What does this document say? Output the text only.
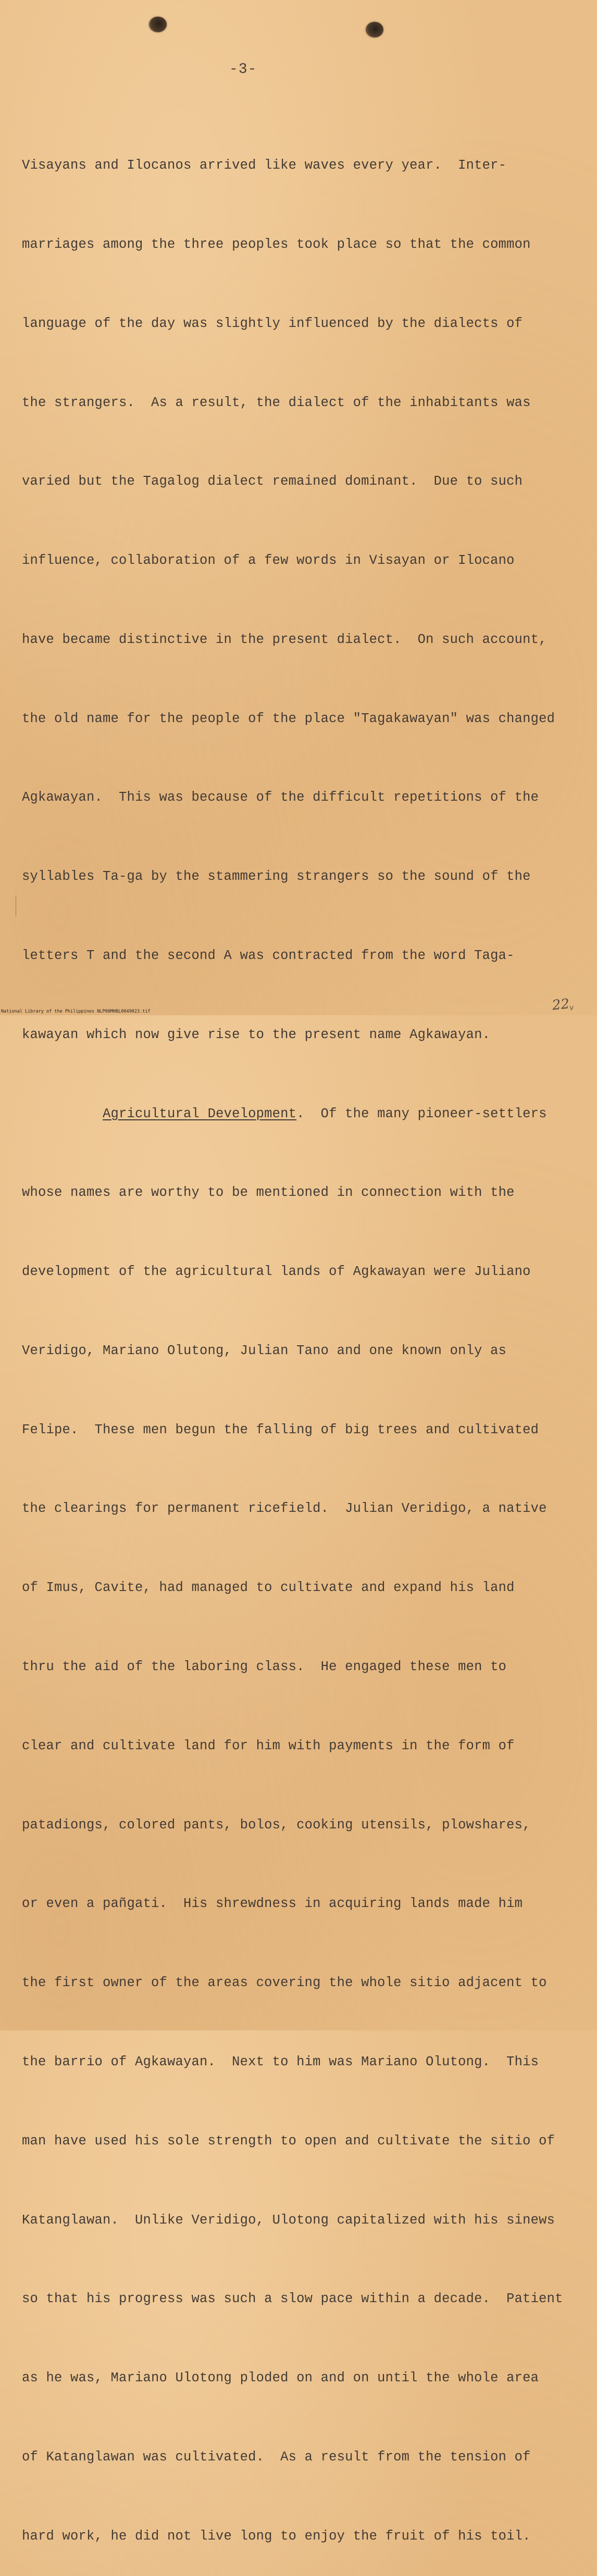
-3-

Visayans and Ilocanos arrived like waves every year.  Inter-

marriages among the three peoples took place so that the common

language of the day was slightly influenced by the dialects of

the strangers.  As a result, the dialect of the inhabitants was

varied but the Tagalog dialect remained dominant.  Due to such

influence, collaboration of a few words in Visayan or Ilocano

have became distinctive in the present dialect.  On such account,

the old name for the people of the place "Tagakawayan" was changed

Agkawayan.  This was because of the difficult repetitions of the

syllables Ta-ga by the stammering strangers so the sound of the

letters T and the second A was contracted from the word Taga-

kawayan which now give rise to the present name Agkawayan.

Agricultural Development.  Of the many pioneer-settlers

whose names are worthy to be mentioned in connection with the

development of the agricultural lands of Agkawayan were Juliano

Veridigo, Mariano Olutong, Julian Tano and one known only as

Felipe.  These men begun the falling of big trees and cultivated

the clearings for permanent ricefield.  Julian Veridigo, a native

of Imus, Cavite, had managed to cultivate and expand his land

thru the aid of the laboring class.  He engaged these men to

clear and cultivate land for him with payments in the form of

patadiongs, colored pants, bolos, cooking utensils, plowshares,

or even a pañgati.  His shrewdness in acquiring lands made him

the first owner of the areas covering the whole sitio adjacent to

the barrio of Agkawayan.  Next to him was Mariano Olutong.  This

man have used his sole strength to open and cultivate the sitio of

Katanglawan.  Unlike Veridigo, Ulotong capitalized with his sinews

so that his progress was such a slow pace within a decade.  Patient

as he was, Mariano Ulotong ploded on and on until the whole area

of Katanglawan was cultivated.  As a result from the tension of

hard work, he did not live long to enjoy the fruit of his toil.

22
v
National Library of the Philippines NLP00MHBL0049023.tif
